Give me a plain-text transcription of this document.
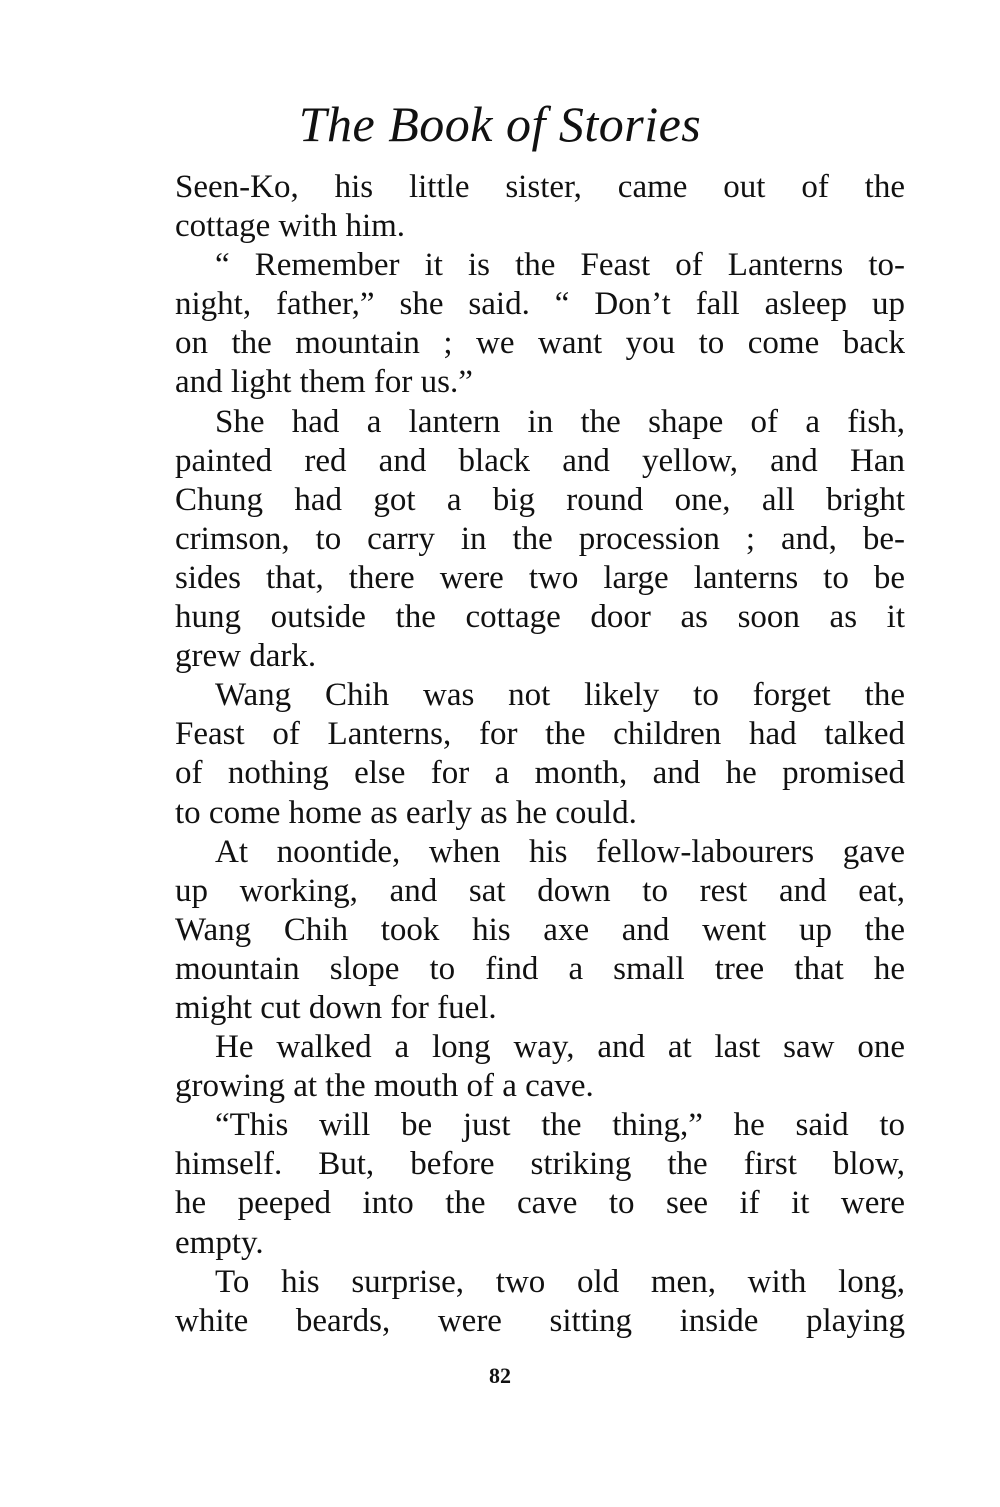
The Book of Stories
Seen-Ko, his little sister, came out of the
cottage with him.
“ Remember it is the Feast of Lanterns to-
night, father,” she said. “ Don’t fall asleep up
on the mountain ; we want you to come back
and light them for us.”
She had a lantern in the shape of a fish,
painted red and black and yellow, and Han
Chung had got a big round one, all bright
crimson, to carry in the procession ; and, be-
sides that, there were two large lanterns to be
hung outside the cottage door as soon as it
grew dark.
Wang Chih was not likely to forget the
Feast of Lanterns, for the children had talked
of nothing else for a month, and he promised
to come home as early as he could.
At noontide, when his fellow-labourers gave
up working, and sat down to rest and eat,
Wang Chih took his axe and went up the
mountain slope to find a small tree that he
might cut down for fuel.
He walked a long way, and at last saw one
growing at the mouth of a cave.
“This will be just the thing,” he said to
himself. But, before striking the first blow,
he peeped into the cave to see if it were
empty.
To his surprise, two old men, with long,
white beards, were sitting inside playing
82
